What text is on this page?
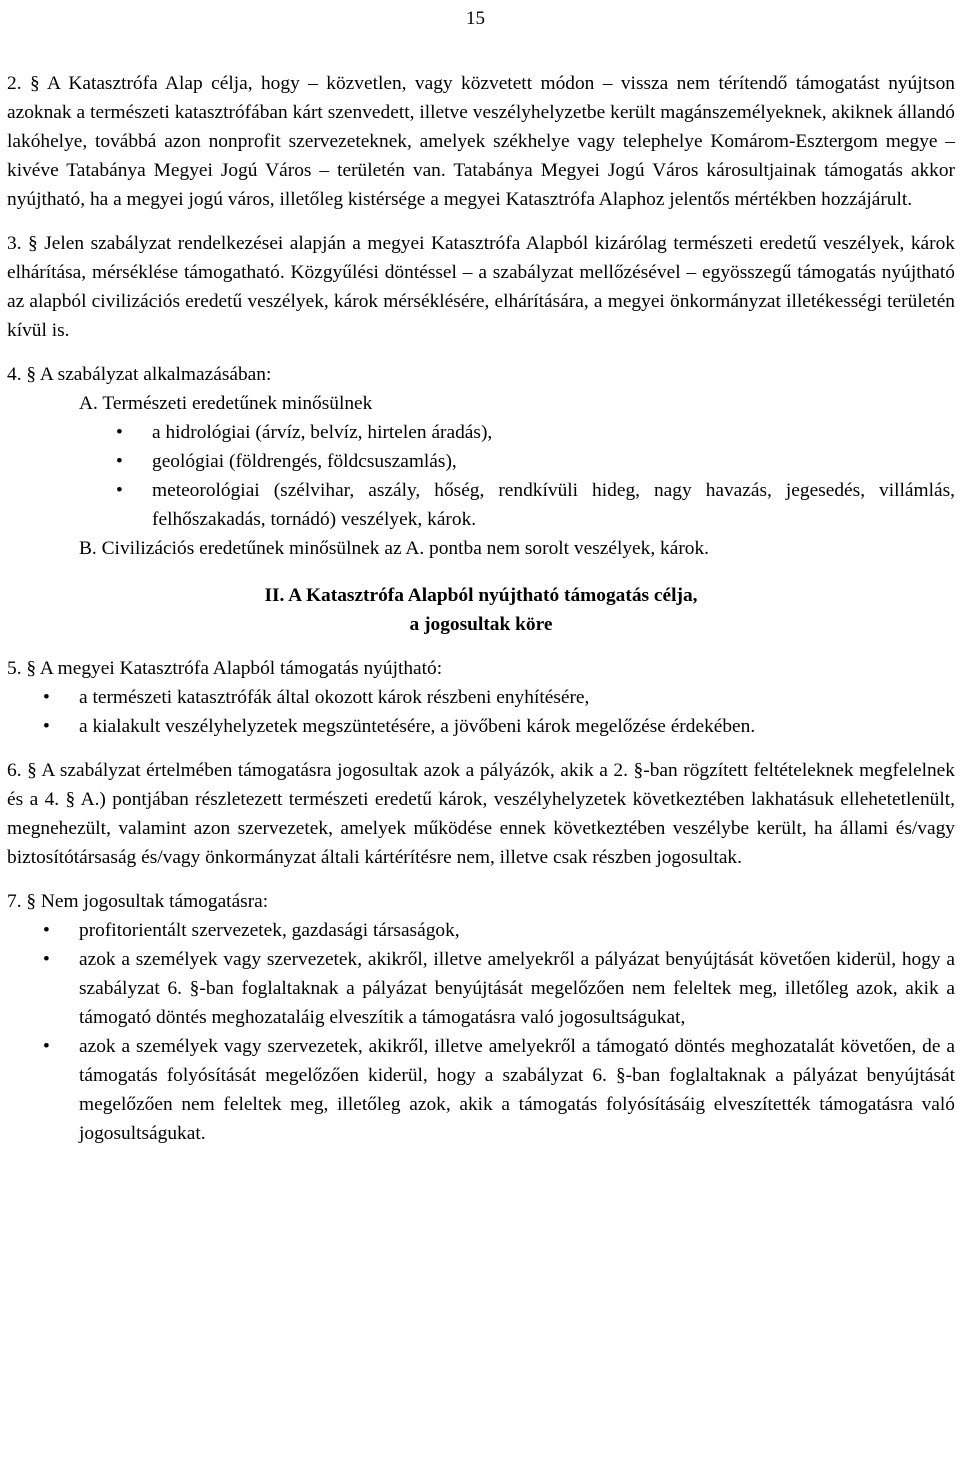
15

2. § A Katasztrófa Alap célja, hogy – közvetlen, vagy közvetett módon – vissza nem térítendő támogatást nyújtson azoknak a természeti katasztrófában kárt szenvedett, illetve veszélyhelyzetbe került magánszemélyeknek, akiknek állandó lakóhelye, továbbá azon nonprofit szervezeteknek, amelyek székhelye vagy telephelye Komárom-Esztergom megye – kivéve Tatabánya Megyei Jogú Város – területén van. Tatabánya Megyei Jogú Város károsultjainak támogatás akkor nyújtható, ha a megyei jogú város, illetőleg kistérsége a megyei Katasztrófa Alaphoz jelentős mértékben hozzájárult.

3. § Jelen szabályzat rendelkezései alapján a megyei Katasztrófa Alapból kizárólag természeti eredetű veszélyek, károk elhárítása, mérséklése támogatható. Közgyűlési döntéssel – a szabályzat mellőzésével – egyösszegű támogatás nyújtható az alapból civilizációs eredetű veszélyek, károk mérséklésére, elhárítására, a megyei önkormányzat illetékességi területén kívül is.

4. § A szabályzat alkalmazásában:

A. Természeti eredetűnek minősülnek

• a hidrológiai (árvíz, belvíz, hirtelen áradás),
• geológiai (földrengés, földcsuszamlás),
• meteorológiai (szélvihar, aszály, hőség, rendkívüli hideg, nagy havazás, jegesedés, villámlás, felhőszakadás, tornádó) veszélyek, károk.

B. Civilizációs eredetűnek minősülnek az A. pontba nem sorolt veszélyek, károk.

II. A Katasztrófa Alapból nyújtható támogatás célja,
a jogosultak köre

5. § A megyei Katasztrófa Alapból támogatás nyújtható:

• a természeti katasztrófák által okozott károk részbeni enyhítésére,
• a kialakult veszélyhelyzetek megszüntetésére, a jövőbeni károk megelőzése érdekében.

6. § A szabályzat értelmében támogatásra jogosultak azok a pályázók, akik a 2. §-ban rögzített feltételeknek megfelelnek és a 4. § A.) pontjában részletezett természeti eredetű károk, veszélyhelyzetek következtében lakhatásuk ellehetetlenült, megnehezült, valamint azon szervezetek, amelyek működése ennek következtében veszélybe került, ha állami és/vagy biztosítótársaság és/vagy önkormányzat általi kártérítésre nem, illetve csak részben jogosultak.

7. § Nem jogosultak támogatásra:

• profitorientált szervezetek, gazdasági társaságok,
• azok a személyek vagy szervezetek, akikről, illetve amelyekről a pályázat benyújtását követően kiderül, hogy a szabályzat 6. §-ban foglaltaknak a pályázat benyújtását megelőzően nem feleltek meg, illetőleg azok, akik a támogató döntés meghozataláig elveszítik a támogatásra való jogosultságukat,
• azok a személyek vagy szervezetek, akikről, illetve amelyekről a támogató döntés meghozatalát követően, de a támogatás folyósítását megelőzően kiderül, hogy a szabályzat 6. §-ban foglaltaknak a pályázat benyújtását megelőzően nem feleltek meg, illetőleg azok, akik a támogatás folyósításáig elveszítették támogatásra való jogosultságukat.
